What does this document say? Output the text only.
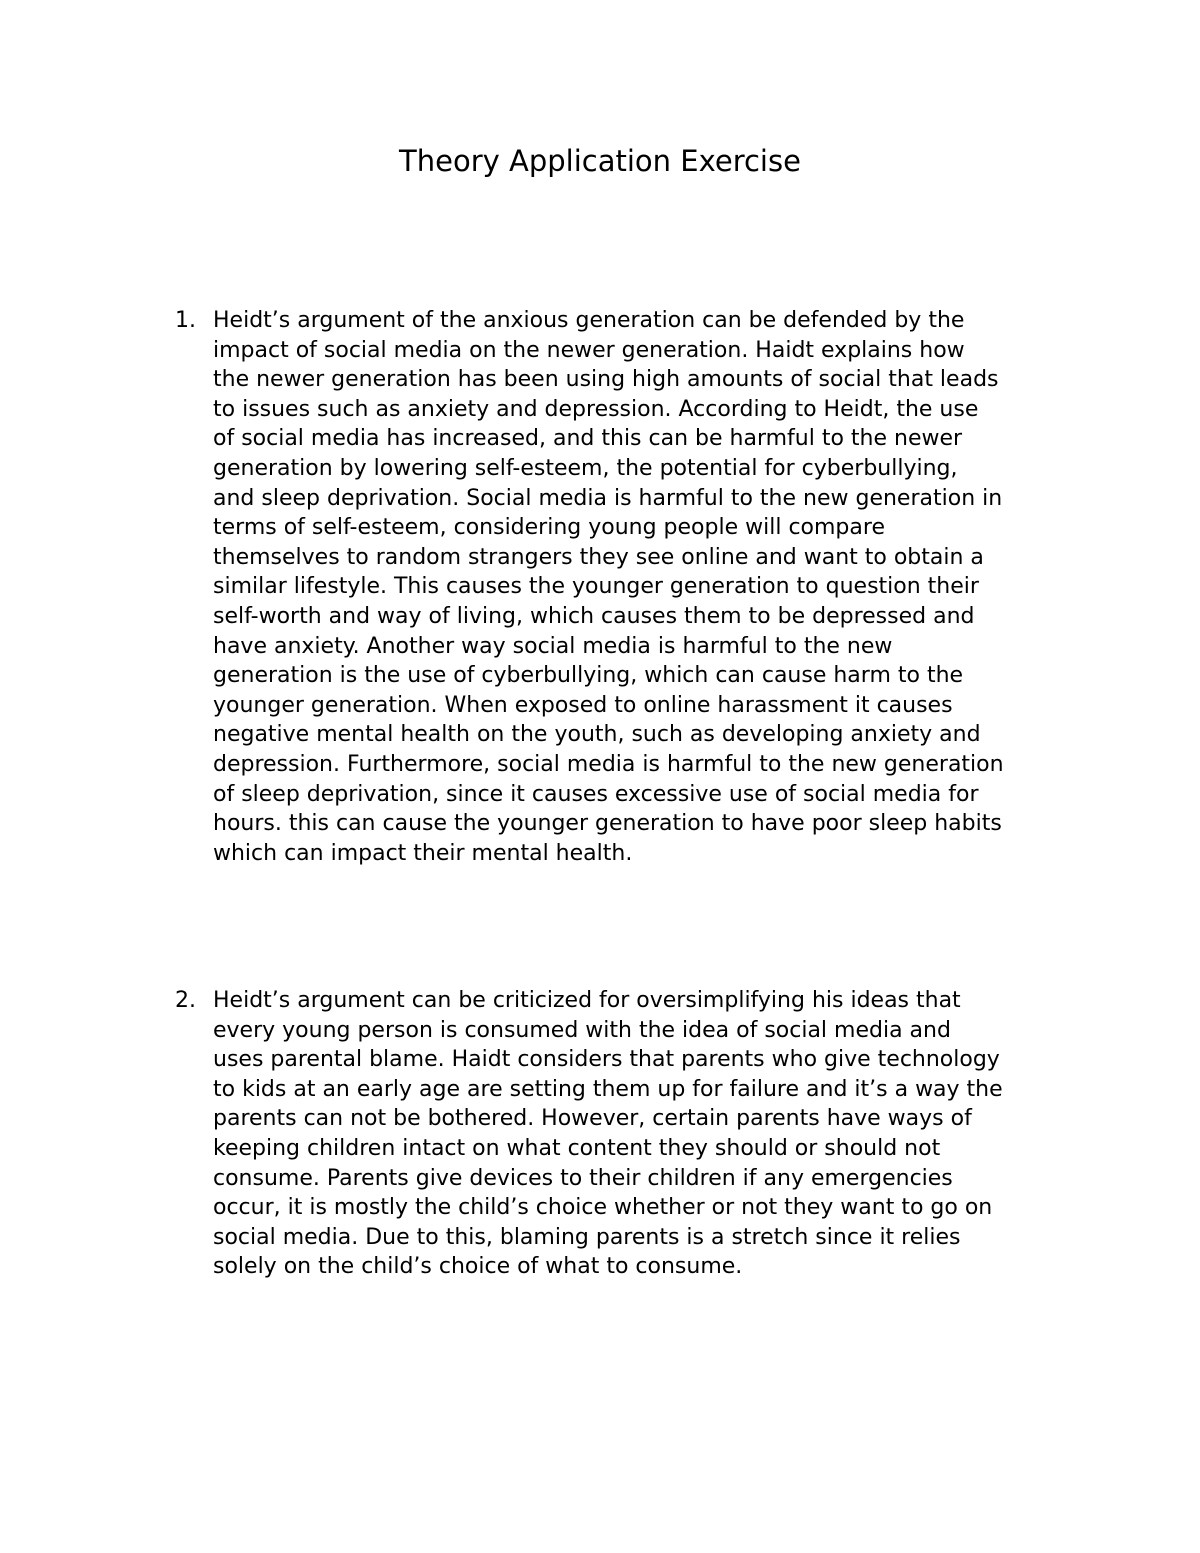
Theory Application Exercise
1. Heidt’s argument of the anxious generation can be defended by the
impact of social media on the newer generation. Haidt explains how
the newer generation has been using high amounts of social that leads
to issues such as anxiety and depression. According to Heidt, the use
of social media has increased, and this can be harmful to the newer
generation by lowering self-esteem, the potential for cyberbullying,
and sleep deprivation. Social media is harmful to the new generation in
terms of self-esteem, considering young people will compare
themselves to random strangers they see online and want to obtain a
similar lifestyle. This causes the younger generation to question their
self-worth and way of living, which causes them to be depressed and
have anxiety. Another way social media is harmful to the new
generation is the use of cyberbullying, which can cause harm to the
younger generation. When exposed to online harassment it causes
negative mental health on the youth, such as developing anxiety and
depression. Furthermore, social media is harmful to the new generation
of sleep deprivation, since it causes excessive use of social media for
hours. this can cause the younger generation to have poor sleep habits
which can impact their mental health.
2. Heidt’s argument can be criticized for oversimplifying his ideas that
every young person is consumed with the idea of social media and
uses parental blame. Haidt considers that parents who give technology
to kids at an early age are setting them up for failure and it’s a way the
parents can not be bothered. However, certain parents have ways of
keeping children intact on what content they should or should not
consume. Parents give devices to their children if any emergencies
occur, it is mostly the child’s choice whether or not they want to go on
social media. Due to this, blaming parents is a stretch since it relies
solely on the child’s choice of what to consume.
